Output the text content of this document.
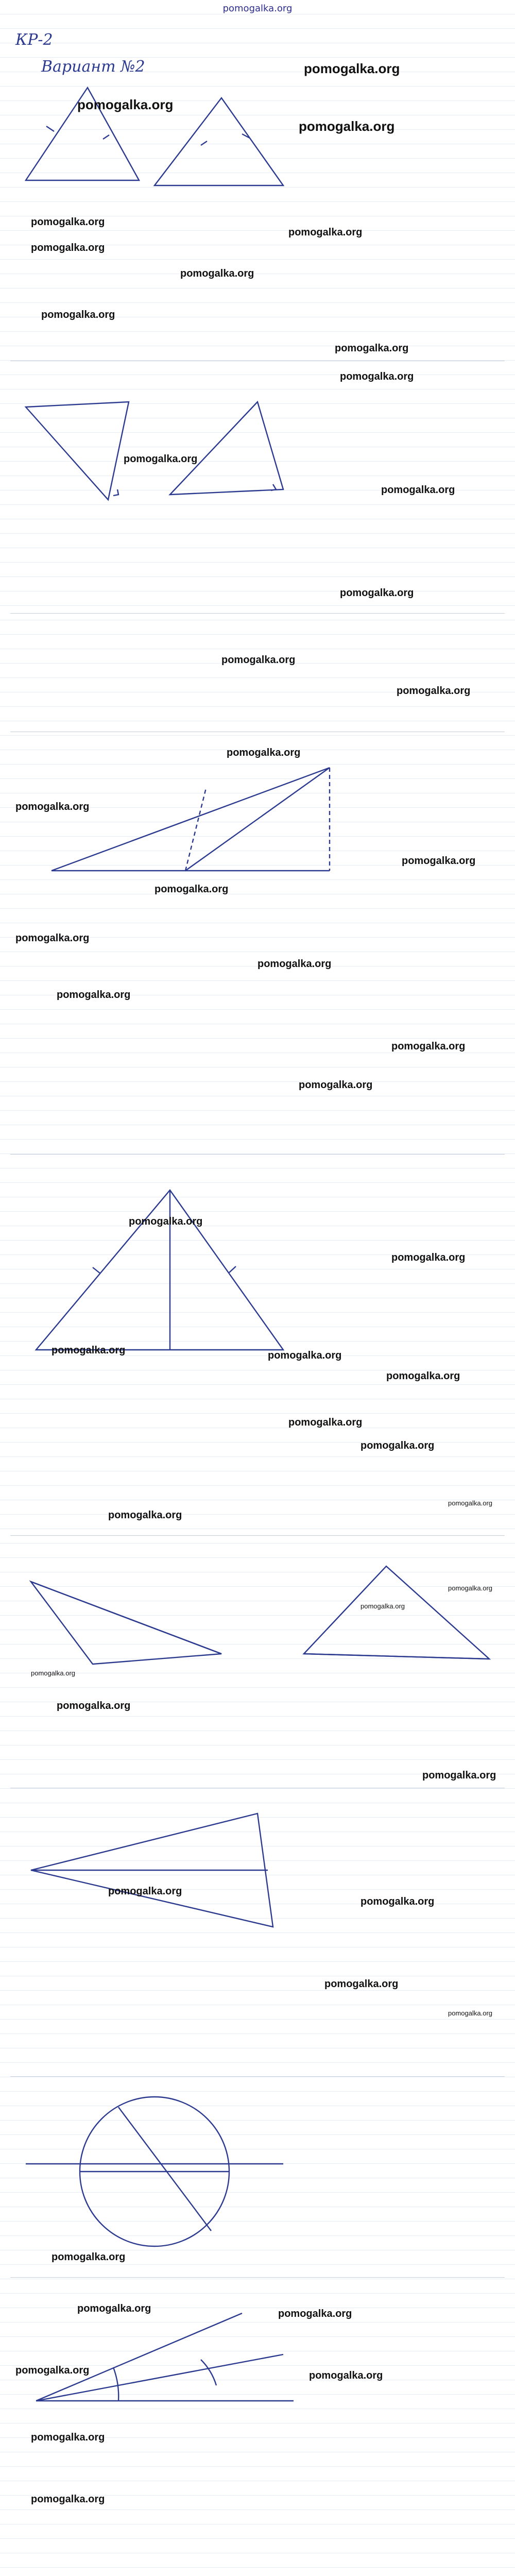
pomogalka.org
КР-2
Вариант №2	pomogalka.org
pomogalka.org
pomogalka.org
pomogalka.org
pomogalka.org
pomogalka.org
pomogalka.org
pomogalka.org
pomogalka.org
pomogalka.org
pomogalka.org
pomogalka.org
pomogalka.org
pomogalka.org
pomogalka.org
pomogalka.org
pomogalka.org
pomogalka.org
pomogalka.org
pomogalka.org
pomogalka.org
pomogalka.org
pomogalka.org
pomogalka.org
pomogalka.org
pomogalka.org
pomogalka.org	pomogalka.org
pomogalka.org
pomogalka.org
pomogalka.org
pomogalka.org
pomogalka.org
pomogalka.org
pomogalka.org
pomogalka.org
pomogalka.org
pomogalka.org
pomogalka.org
pomogalka.org
pomogalka.org
pomogalka.org
pomogalka.org
pomogalka.org
pomogalka.org
pomogalka.org	pomogalka.org
pomogalka.org
pomogalka.org
